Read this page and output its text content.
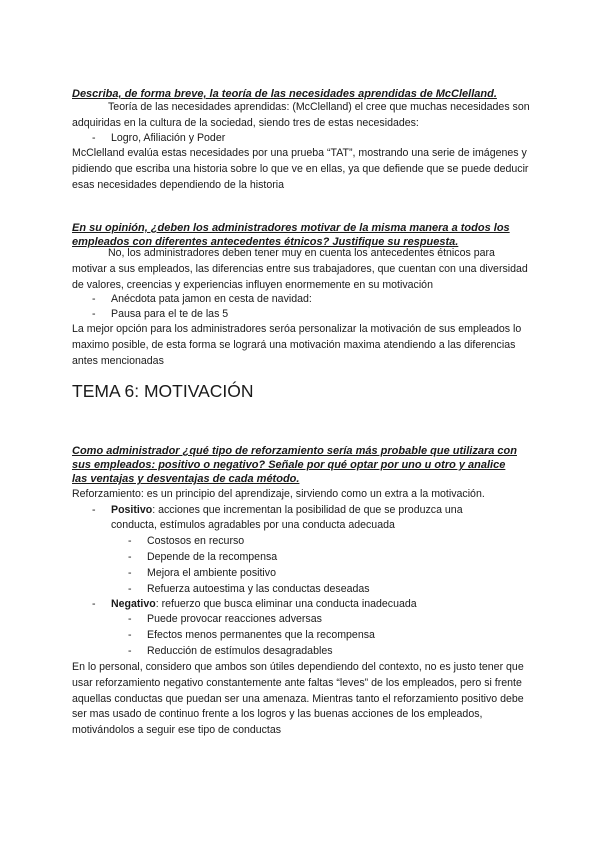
Describa, de forma breve, la teoría de las necesidades aprendidas de McClelland.
Teoría de las necesidades aprendidas: (McClelland) el cree que muchas necesidades son adquiridas en la cultura de la sociedad, siendo tres de estas necesidades:
- Logro, Afiliación y Poder
McClelland evalúa estas necesidades por una prueba “TAT”, mostrando una serie de imágenes y pidiendo que escriba una historia sobre lo que ve en ellas, ya que defiende que se puede deducir esas necesidades dependiendo de la historia
En su opinión, ¿deben los administradores motivar de la misma manera a todos los empleados con diferentes antecedentes étnicos? Justifique su respuesta.
No, los administradores deben tener muy en cuenta los antecedentes étnicos para motivar a sus empleados, las diferencias entre sus trabajadores, que cuentan con una diversidad de valores, creencias y experiencias influyen enormemente en su motivación
- Anécdota pata jamon en cesta de navidad:
- Pausa para el te de las 5
La mejor opción para los administradores seróa personalizar la motivación de sus empleados lo maximo posible, de esta forma se logrará una motivación maxima atendiendo a las diferencias antes mencionadas
TEMA 6: MOTIVACIÓN
Como administrador ¿qué tipo de reforzamiento sería más probable que utilizara con sus empleados: positivo o negativo? Señale por qué optar por uno u otro y analice las ventajas y desventajas de cada método.
Reforzamiento: es un principio del aprendizaje, sirviendo como un extra a la motivación.
- Positivo: acciones que incrementan la posibilidad de que se produzca una
conducta, estímulos agradables por una conducta adecuada
- Costosos en recurso
- Depende de la recompensa
- Mejora el ambiente positivo
- Refuerza autoestima y las conductas deseadas
- Negativo: refuerzo que busca eliminar una conducta inadecuada
- Puede provocar reacciones adversas
- Efectos menos permanentes que la recompensa
- Reducción de estímulos desagradables
En lo personal, considero que ambos son útiles dependiendo del contexto, no es justo tener que usar reforzamiento negativo constantemente ante faltas “leves” de los empleados, pero si frente aquellas conductas que puedan ser una amenaza. Mientras tanto el reforzamiento positivo debe ser mas usado de continuo frente a los logros y las buenas acciones de los empleados, motivándolos a seguir ese tipo de conductas
